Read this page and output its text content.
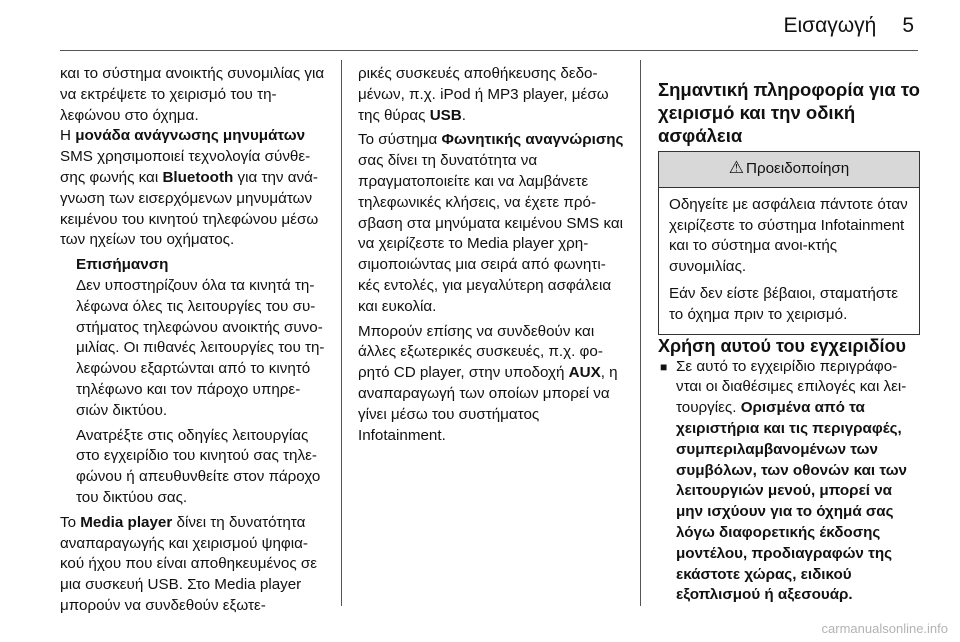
Εισαγωγή 5

και το σύστημα ανοικτής συνομιλίας για να εκτρέψετε το χειρισμό του τη-λεφώνου στο όχημα.

Η μονάδα ανάγνωσης μηνυμάτων SMS χρησιμοποιεί τεχνολογία σύνθε-σης φωνής και Bluetooth για την ανά-γνωση των εισερχόμενων μηνυμάτων κειμένου του κινητού τηλεφώνου μέσω των ηχείων του οχήματος.

Επισήμανση

Δεν υποστηρίζουν όλα τα κινητά τη-λέφωνα όλες τις λειτουργίες του συ-στήματος τηλεφώνου ανοικτής συνο-μιλίας. Οι πιθανές λειτουργίες του τη-λεφώνου εξαρτώνται από το κινητό τηλέφωνο και τον πάροχο υπηρε-σιών δικτύου.

Ανατρέξτε στις οδηγίες λειτουργίας στο εγχειρίδιο του κινητού σας τηλε-φώνου ή απευθυνθείτε στον πάροχο του δικτύου σας.

Το Media player δίνει τη δυνατότητα αναπαραγωγής και χειρισμού ψηφια-κού ήχου που είναι αποθηκευμένος σε μια συσκευή USB. Στο Media player μπορούν να συνδεθούν εξωτε-

ρικές συσκευές αποθήκευσης δεδο-μένων, π.χ. iPod ή MP3 player, μέσω της θύρας USB.

Το σύστημα Φωνητικής αναγνώρισης σας δίνει τη δυνατότητα να πραγματοποιείτε και να λαμβάνετε τηλεφωνικές κλήσεις, να έχετε πρό-σβαση στα μηνύματα κειμένου SMS και να χειρίζεστε το Media player χρη-σιμοποιώντας μια σειρά από φωνητι-κές εντολές, για μεγαλύτερη ασφάλεια και ευκολία.

Μπορούν επίσης να συνδεθούν και άλλες εξωτερικές συσκευές, π.χ. φο-ρητό CD player, στην υποδοχή AUX, η αναπαραγωγή των οποίων μπορεί να γίνει μέσω του συστήματος Infotainment.

Σημαντική πληροφορία για το χειρισμό και την οδική ασφάλεια

⚠ Προειδοποίηση

Οδηγείτε με ασφάλεια πάντοτε όταν χειρίζεστε το σύστημα Infotainment και το σύστημα ανοι-κτής συνομιλίας.

Εάν δεν είστε βέβαιοι, σταματήστε το όχημα πριν το χειρισμό.

Χρήση αυτού του εγχειριδίου

■ Σε αυτό το εγχειρίδιο περιγράφο-νται οι διαθέσιμες επιλογές και λει-τουργίες. Ορισμένα από τα χειριστήρια και τις περιγραφές, συμπεριλαμβανομένων των συμβόλων, των οθονών και των λειτουργιών μενού, μπορεί να μην ισχύουν για το όχημά σας λόγω διαφορετικής έκδοσης μοντέλου, προδιαγραφών της εκάστοτε χώρας, ειδικού εξοπλισμού ή αξεσουάρ.
carmanualsonline.info
